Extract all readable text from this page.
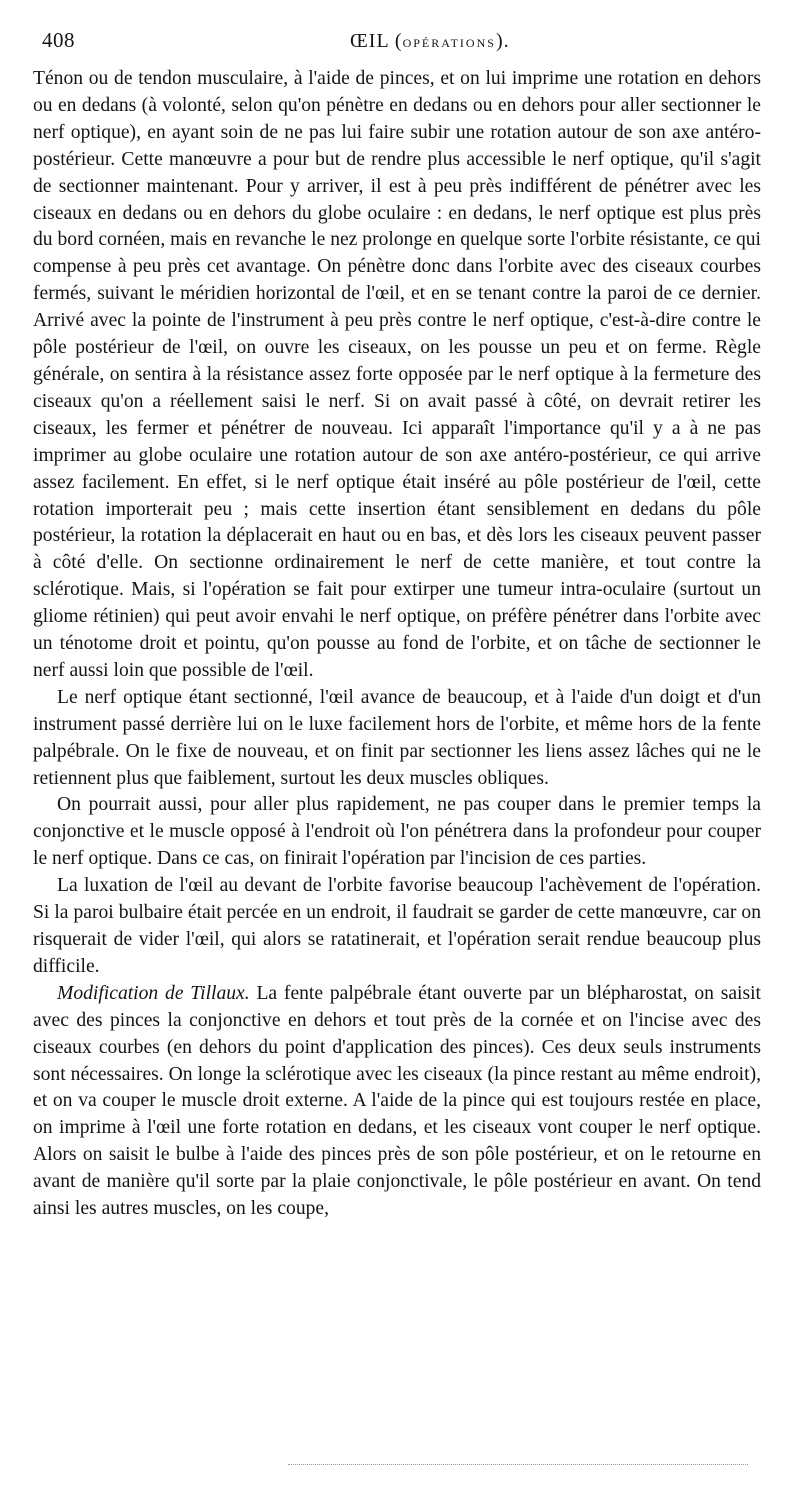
408	ŒIL (opérations).

Ténon ou de tendon musculaire, à l'aide de pinces, et on lui imprime une rotation en dehors ou en dedans (à volonté, selon qu'on pénètre en dedans ou en dehors pour aller sectionner le nerf optique), en ayant soin de ne pas lui faire subir une rotation autour de son axe antéro-postérieur. Cette manœuvre a pour but de rendre plus accessible le nerf optique, qu'il s'agit de sectionner maintenant. Pour y arriver, il est à peu près indifférent de pénétrer avec les ciseaux en dedans ou en dehors du globe oculaire : en dedans, le nerf optique est plus près du bord cornéen, mais en revanche le nez prolonge en quelque sorte l'orbite résistante, ce qui compense à peu près cet avantage. On pénètre donc dans l'orbite avec des ciseaux courbes fermés, suivant le méridien horizontal de l'œil, et en se tenant contre la paroi de ce dernier. Arrivé avec la pointe de l'instrument à peu près contre le nerf optique, c'est-à-dire contre le pôle postérieur de l'œil, on ouvre les ciseaux, on les pousse un peu et on ferme. Règle générale, on sentira à la résistance assez forte opposée par le nerf optique à la fermeture des ciseaux qu'on a réellement saisi le nerf. Si on avait passé à côté, on devrait retirer les ciseaux, les fermer et pénétrer de nouveau. Ici apparaît l'importance qu'il y a à ne pas imprimer au globe oculaire une rotation autour de son axe antéro-postérieur, ce qui arrive assez facilement. En effet, si le nerf optique était inséré au pôle postérieur de l'œil, cette rotation importerait peu ; mais cette insertion étant sensiblement en dedans du pôle postérieur, la rotation la déplacerait en haut ou en bas, et dès lors les ciseaux peuvent passer à côté d'elle. On sectionne ordinairement le nerf de cette manière, et tout contre la sclérotique. Mais, si l'opération se fait pour extirper une tumeur intra-oculaire (surtout un gliome rétinien) qui peut avoir envahi le nerf optique, on préfère pénétrer dans l'orbite avec un ténotome droit et pointu, qu'on pousse au fond de l'orbite, et on tâche de sectionner le nerf aussi loin que possible de l'œil.

Le nerf optique étant sectionné, l'œil avance de beaucoup, et à l'aide d'un doigt et d'un instrument passé derrière lui on le luxe facilement hors de l'orbite, et même hors de la fente palpébrale. On le fixe de nouveau, et on finit par sectionner les liens assez lâches qui ne le retiennent plus que faiblement, surtout les deux muscles obliques.

On pourrait aussi, pour aller plus rapidement, ne pas couper dans le premier temps la conjonctive et le muscle opposé à l'endroit où l'on pénétrera dans la profondeur pour couper le nerf optique. Dans ce cas, on finirait l'opération par l'incision de ces parties.

La luxation de l'œil au devant de l'orbite favorise beaucoup l'achèvement de l'opération. Si la paroi bulbaire était percée en un endroit, il faudrait se garder de cette manœuvre, car on risquerait de vider l'œil, qui alors se ratatinerait, et l'opération serait rendue beaucoup plus difficile.

Modification de Tillaux. La fente palpébrale étant ouverte par un blépharostat, on saisit avec des pinces la conjonctive en dehors et tout près de la cornée et on l'incise avec des ciseaux courbes (en dehors du point d'application des pinces). Ces deux seuls instruments sont nécessaires. On longe la sclérotique avec les ciseaux (la pince restant au même endroit), et on va couper le muscle droit externe. A l'aide de la pince qui est toujours restée en place, on imprime à l'œil une forte rotation en dedans, et les ciseaux vont couper le nerf optique. Alors on saisit le bulbe à l'aide des pinces près de son pôle postérieur, et on le retourne en avant de manière qu'il sorte par la plaie conjonctivale, le pôle postérieur en avant. On tend ainsi les autres muscles, on les coupe,
